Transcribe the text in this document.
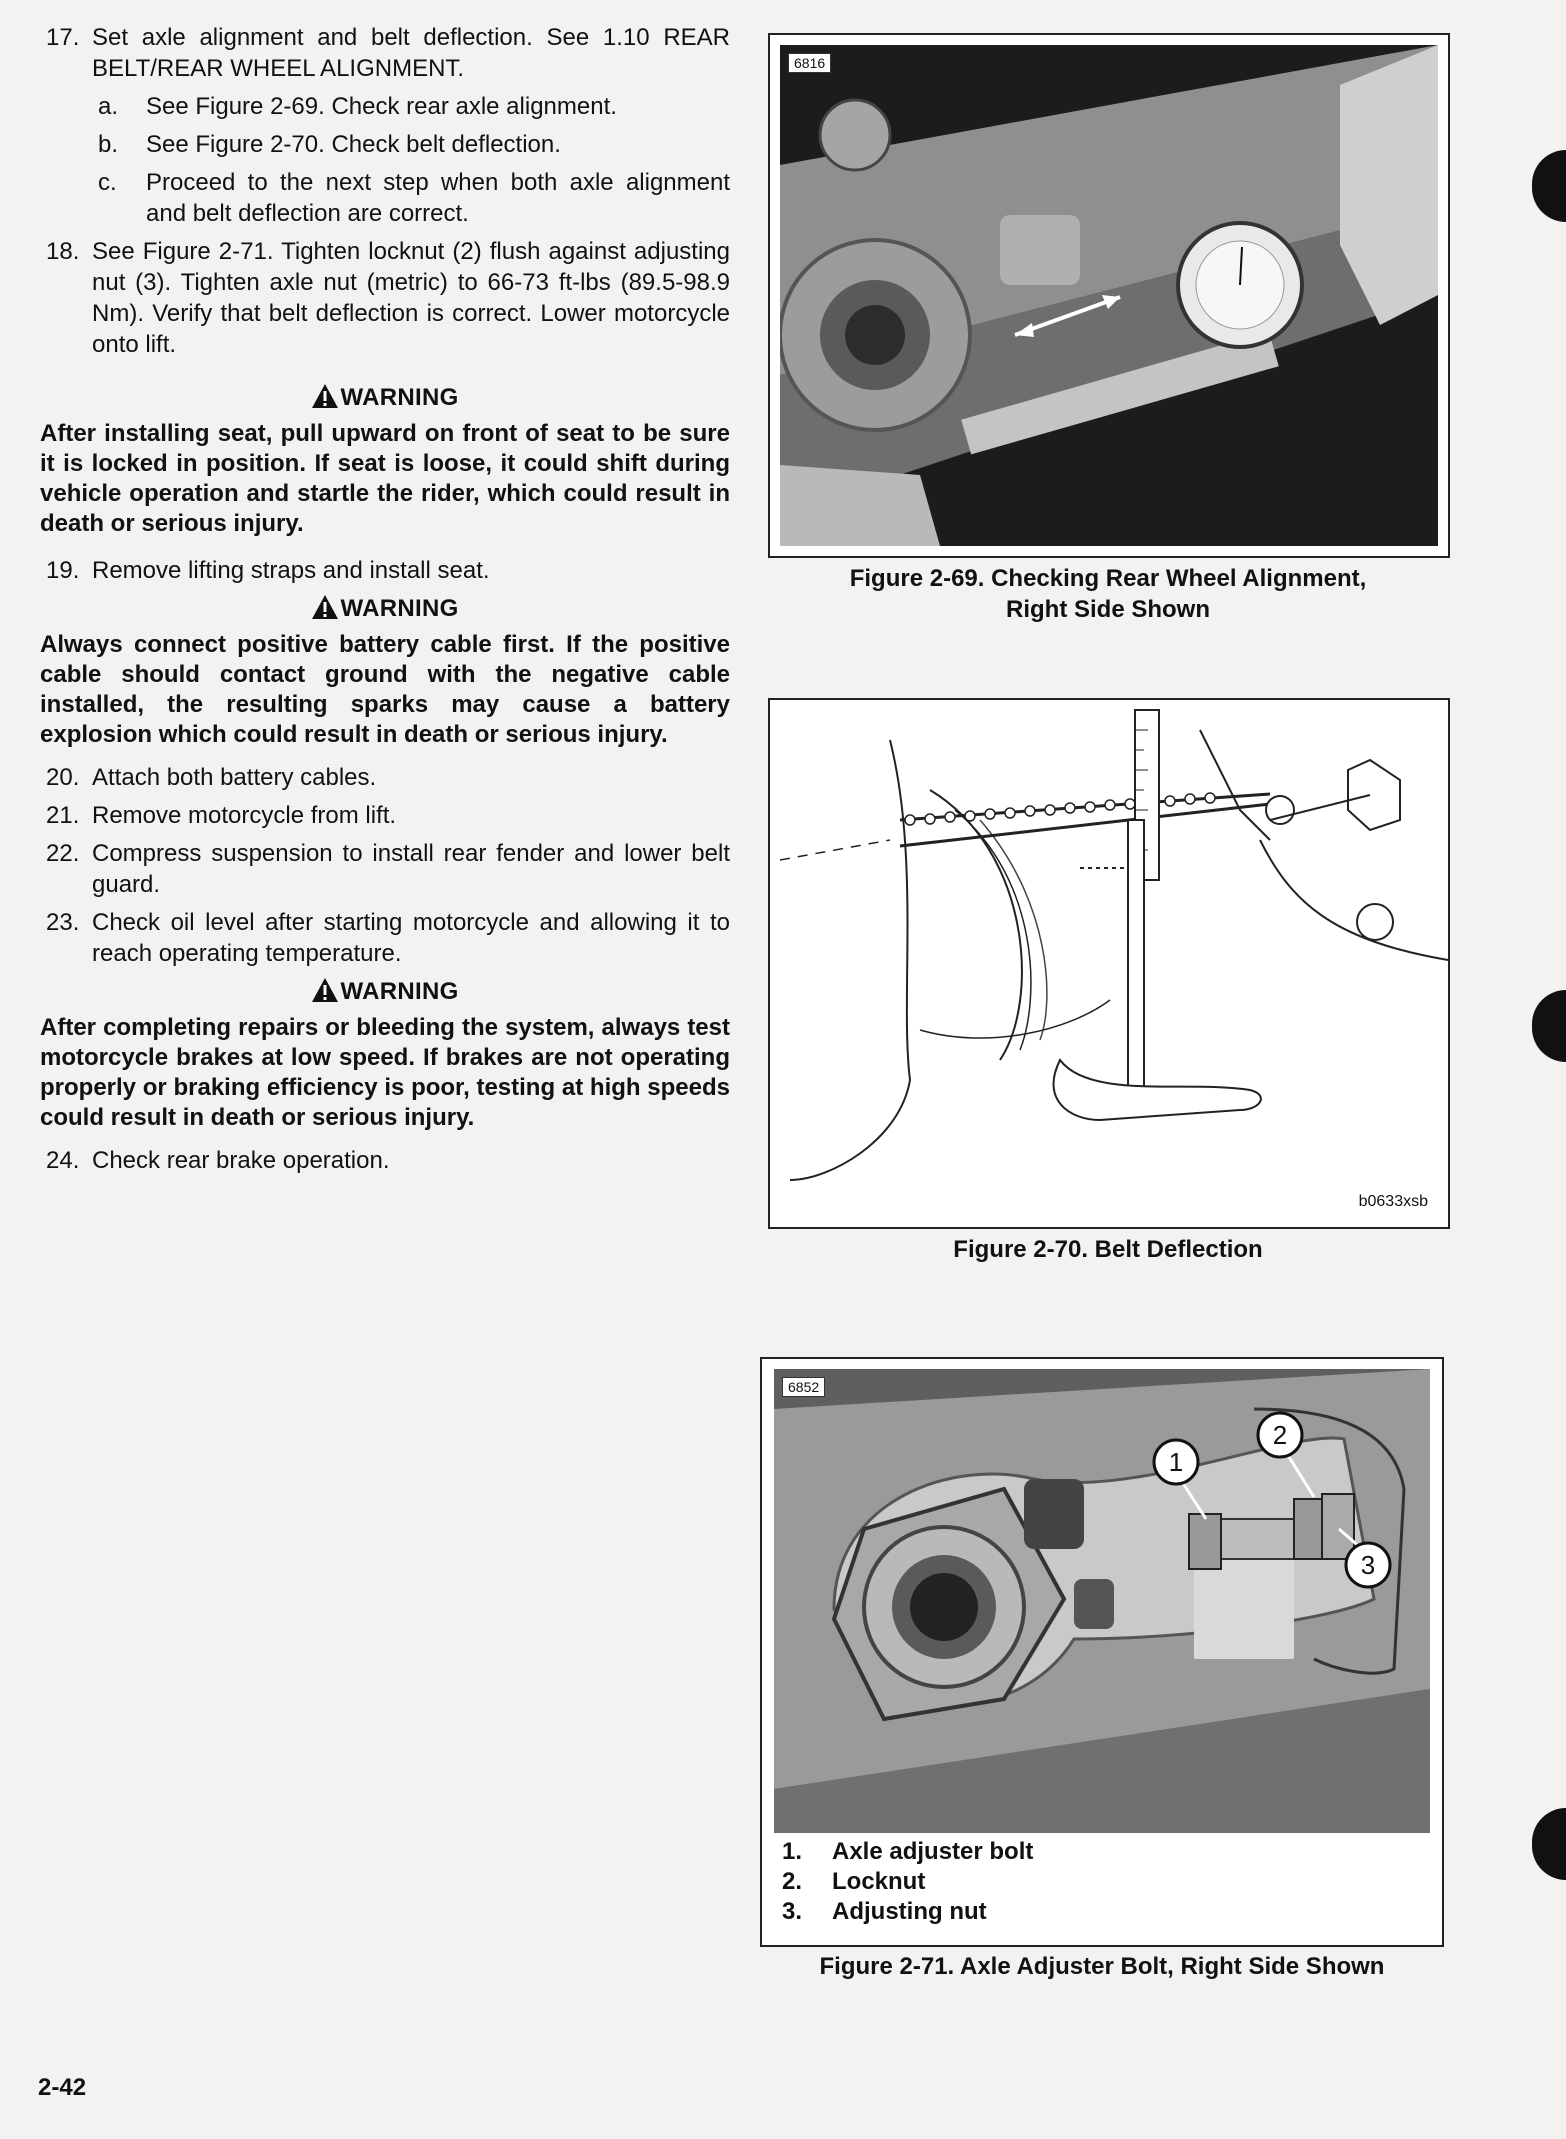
17. Set axle alignment and belt deflection. See 1.10 REAR BELT/REAR WHEEL ALIGNMENT.
a. See Figure 2-69. Check rear axle alignment.
b. See Figure 2-70. Check belt deflection.
c. Proceed to the next step when both axle alignment and belt deflection are correct.
18. See Figure 2-71. Tighten locknut (2) flush against adjusting nut (3). Tighten axle nut (metric) to 66-73 ft-lbs (89.5-98.9 Nm). Verify that belt deflection is correct. Lower motorcycle onto lift.
WARNING
After installing seat, pull upward on front of seat to be sure it is locked in position. If seat is loose, it could shift during vehicle operation and startle the rider, which could result in death or serious injury.
19. Remove lifting straps and install seat.
WARNING
Always connect positive battery cable first. If the positive cable should contact ground with the negative cable installed, the resulting sparks may cause a battery explosion which could result in death or serious injury.
20. Attach both battery cables.
21. Remove motorcycle from lift.
22. Compress suspension to install rear fender and lower belt guard.
23. Check oil level after starting motorcycle and allowing it to reach operating temperature.
WARNING
After completing repairs or bleeding the system, always test motorcycle brakes at low speed. If brakes are not operating properly or braking efficiency is poor, testing at high speeds could result in death or serious injury.
24. Check rear brake operation.
6816
Figure 2-69. Checking Rear Wheel Alignment,
Right Side Shown
b0633xsb
Figure 2-70. Belt Deflection
6852
1
2
3
1. Axle adjuster bolt
2. Locknut
3. Adjusting nut
Figure 2-71. Axle Adjuster Bolt, Right Side Shown
2-42
